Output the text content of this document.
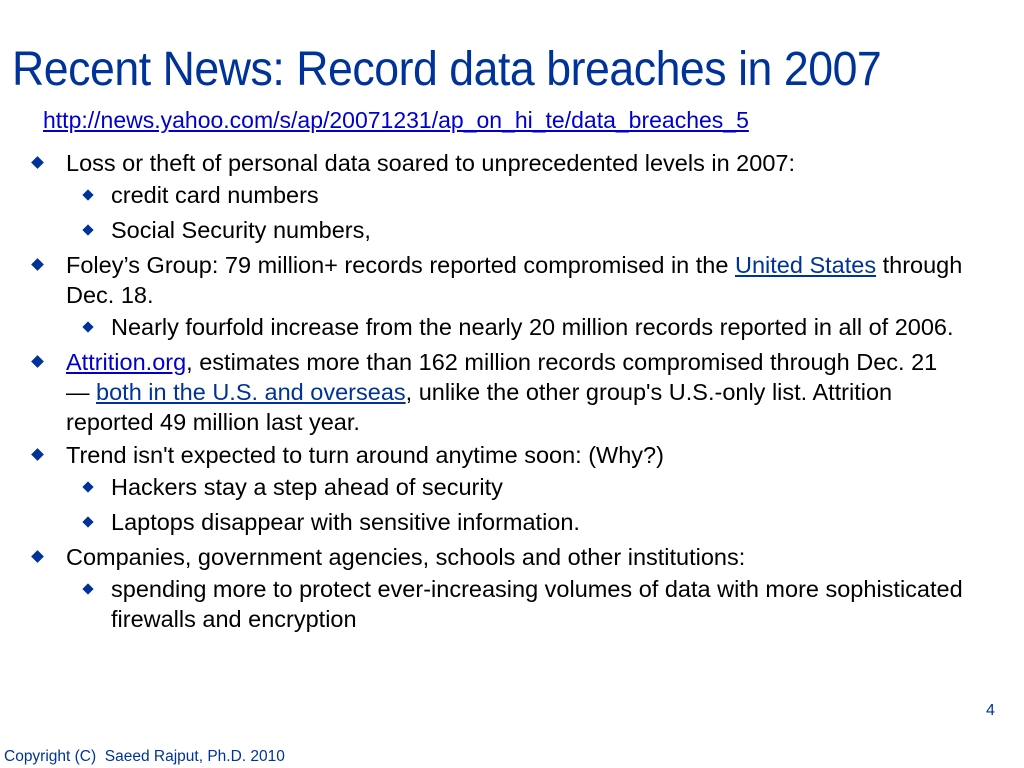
Recent News: Record data breaches in 2007
http://news.yahoo.com/s/ap/20071231/ap_on_hi_te/data_breaches_5
Loss or theft of personal data soared to unprecedented levels in 2007:
credit card numbers
Social Security numbers,
Foley’s Group: 79 million+ records reported compromised in the United States through Dec. 18.
Nearly fourfold increase from the nearly 20 million records reported in all of 2006.
Attrition.org, estimates more than 162 million records compromised through Dec. 21 — both in the U.S. and overseas, unlike the other group's U.S.-only list. Attrition reported 49 million last year.
Trend isn't expected to turn around anytime soon: (Why?)
Hackers stay a step ahead of security
Laptops disappear with sensitive information.
Companies, government agencies, schools and other institutions:
spending more to protect ever-increasing volumes of data with more sophisticated firewalls and encryption
4
Copyright (C)  Saeed Rajput, Ph.D. 2010
